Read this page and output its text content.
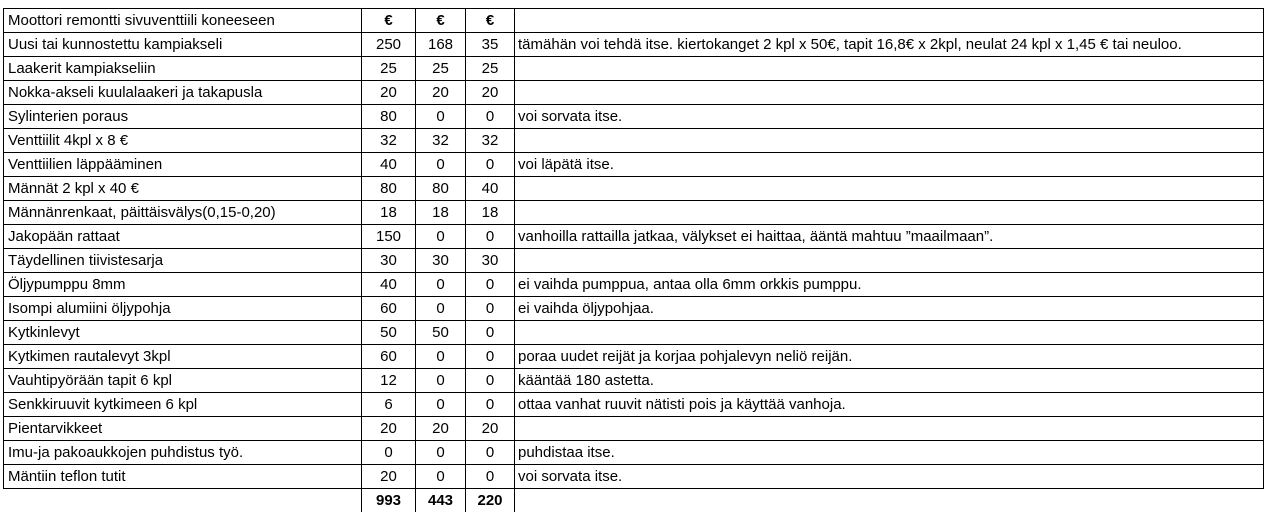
Moottori remontti sivuventtiili koneeseen	€	€	€	
Uusi tai kunnostettu kampiakseli	250	168	35	tämähän voi tehdä itse. kiertokanget 2 kpl x 50€, tapit 16,8€ x 2kpl, neulat 24 kpl x 1,45 € tai neuloo.
Laakerit kampiakseliin	25	25	25	
Nokka-akseli kuulalaakeri ja takapusla	20	20	20	
Sylinterien poraus	80	0	0	voi sorvata itse.
Venttiilit 4kpl x 8 €	32	32	32	
Venttiilien läppääminen	40	0	0	voi läpätä itse.
Männät 2 kpl x 40 €	80	80	40	
Männänrenkaat, päittäisvälys(0,15-0,20)	18	18	18	
Jakopään rattaat	150	0	0	vanhoilla rattailla jatkaa, välykset ei haittaa, ääntä mahtuu ”maailmaan”.
Täydellinen tiivistesarja	30	30	30	
Öljypumppu 8mm	40	0	0	ei vaihda pumppua, antaa olla 6mm orkkis pumppu.
Isompi alumiini öljypohja	60	0	0	ei vaihda öljypohjaa.
Kytkinlevyt	50	50	0	
Kytkimen rautalevyt 3kpl	60	0	0	poraa uudet reijät ja korjaa pohjalevyn neliö reijän.
Vauhtipyörään tapit 6 kpl	12	0	0	kääntää 180 astetta.
Senkkiruuvit kytkimeen 6 kpl	6	0	0	ottaa vanhat ruuvit nätisti pois ja käyttää vanhoja.
Pientarvikkeet	20	20	20	
Imu-ja pakoaukkojen puhdistus työ.	0	0	0	puhdistaa itse.
Mäntiin teflon tutit	20	0	0	voi sorvata itse.
	993	443	220	
